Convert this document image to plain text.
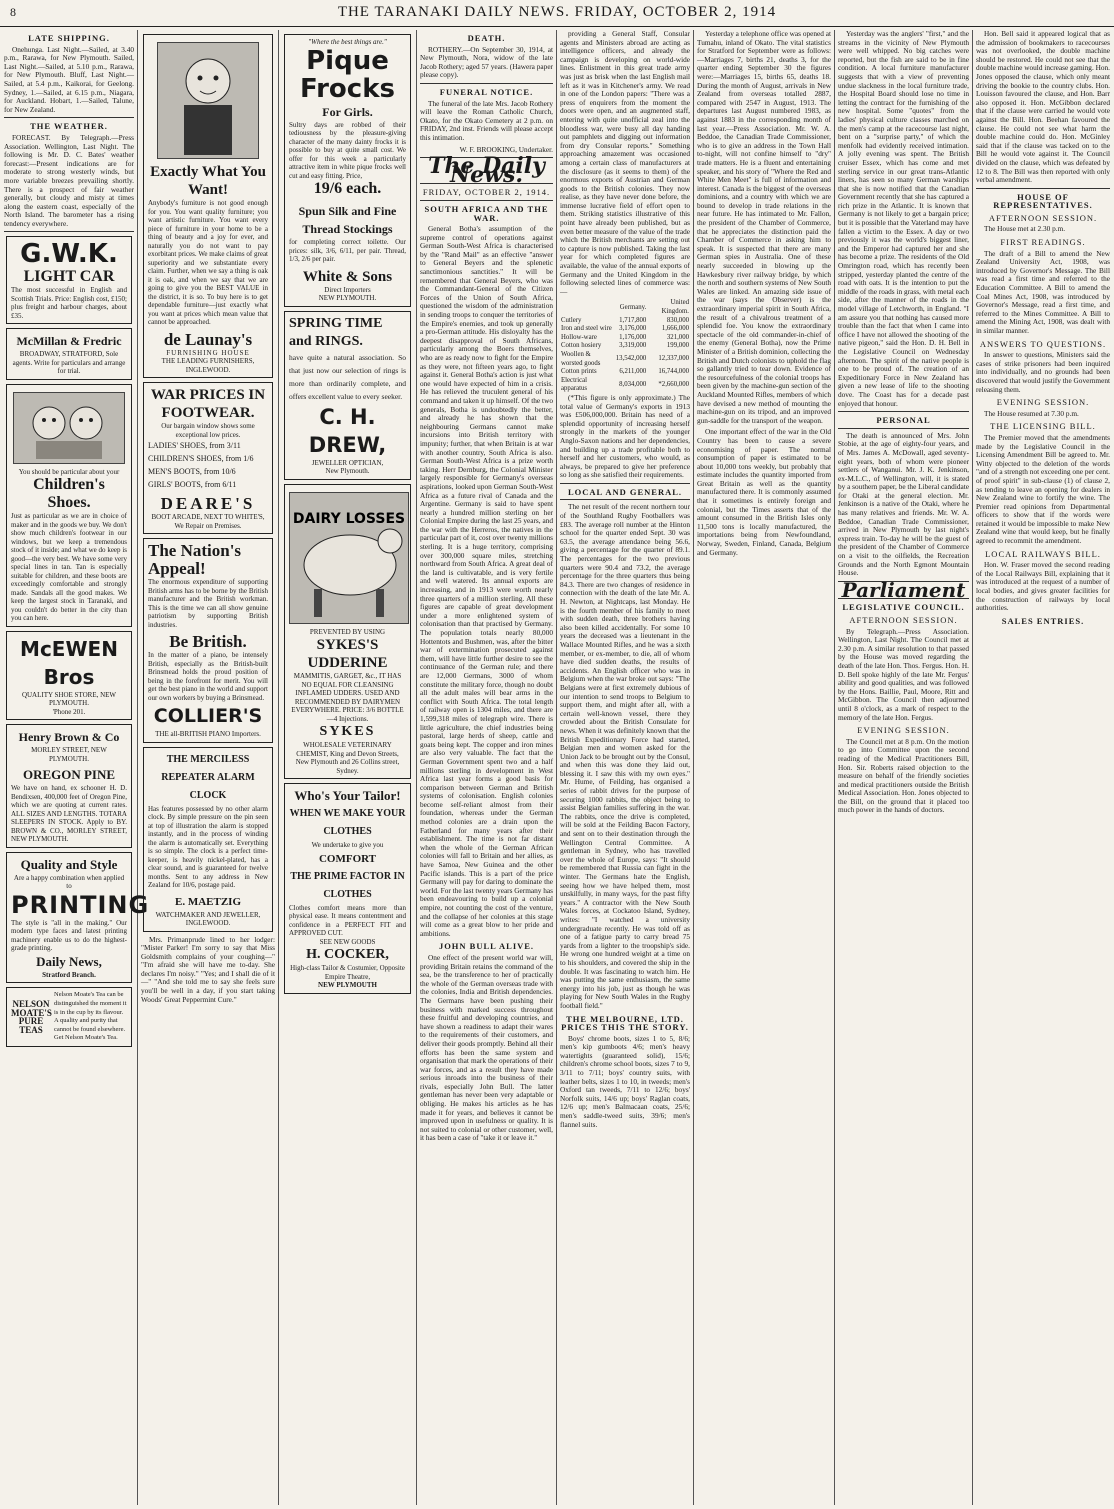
8	THE TARANAKI DAILY NEWS. FRIDAY, OCTOBER 2, 1914
LATE SHIPPING.

Onehunga. Last Night.—Sailed, at 3.40 p.m., Rarawa, for New Plymouth. Sailed, Last Night.—Sailed, at 5.10 p.m., Rarawa, for New Plymouth. Bluff, Last Night.—Sailed, at 5.4 p.m., Kaikorai, for Geelong. Sydney, 1.—Sailed, at 6.15 p.m., Niagara, for Auckland. Hobart, 1.—Sailed, Talune, for New Zealand.

THE WEATHER.

FORECAST. By Telegraph.—Press Association. Wellington, Last Night. The following is Mr. D. C. Bates' weather forecast:—Present indications are for moderate to strong westerly winds, but more variable breezes prevailing shortly. There is a prospect of fair weather generally, but cloudy and misty at times along the eastern coast, especially of the North Island. The barometer has a rising tendency everywhere.

G.W.K.
LIGHT CAR
The most successful in English and Scottish Trials. Price: English cost, £150; plus freight and harbour charges, about £35.
McMillan & Fredric
BROADWAY, STRATFORD, Sole agents. Write for particulars and arrange for trial.
You should be particular about your
Children's Shoes.
Just as particular as we are in choice of maker and in the goods we buy. We don't show much children's footwear in our windows, but we keep a tremendous stock of it inside; and what we do keep is good—the very best. We have some very special lines in tan. Tan is especially suitable for children, and these boots are exceedingly comfortable and strongly made. Sandals all the good makes. We keep the largest stock in Taranaki, and you couldn't do better in the city than you can here.
McEWEN Bros
QUALITY SHOE STORE, NEW PLYMOUTH.
'Phone 201.
Henry Brown & Co
MORLEY STREET, NEW PLYMOUTH.
OREGON PINE
We have on hand, ex schooner H. D. Bendixsen, 400,000 feet of Oregon Pine, which we are quoting at current rates. ALL SIZES AND LENGTHS. TOTARA SLEEPERS IN STOCK. Apply to BY. BROWN & CO., MORLEY STREET, NEW PLYMOUTH.
Quality and Style
Are a happy combination when applied to
PRINTING
The style is "all in the making." Our modern type faces and latest printing machinery enable us to do the highest-grade printing.
Daily News,
Stratford Branch.
NELSON MOATE'S PURE TEAS
Nelson Moate's Tea can be distinguished the moment it is in the cup by its flavour. A quality and purity that cannot be found elsewhere. Get Nelson Moate's Tea.
Exactly What You Want!
Anybody's furniture is not good enough for you. You want quality furniture; you want artistic furniture. You want every piece of furniture in your home to be a thing of beauty and a joy for ever, and naturally you do not want to pay exorbitant prices. We make claims of great superiority and we substantiate every claim. Further, when we say a thing is oak it is oak, and when we say that we are going to give you the BEST VALUE in the district, it is so. To buy here is to get dependable furniture—just exactly what you want at prices which mean value that cannot be approached.
de Launay's
FURNISHING HOUSE
THE LEADING FURNISHERS, INGLEWOOD.
WAR PRICES IN FOOTWEAR.
Our bargain window shows some exceptional low prices.
LADIES' SHOES, from 3/11
CHILDREN'S SHOES, from 1/6
MEN'S BOOTS, from 10/6
GIRLS' BOOTS, from 6/11
DEARE'S
BOOT ARCADE, NEXT TO WHITE'S,
We Repair on Premises.
The Nation's Appeal!
The enormous expenditure of supporting British arms has to be borne by the British manufacturer and the British workman. This is the time we can all show genuine patriotism by supporting British industries.
Be British.
In the matter of a piano, be intensely British, especially as the British-built Brinsmead holds the proud position of being in the forefront for merit. You will get the best piano in the world and support our own workers by buying a Brinsmead.
COLLIER'S
THE all-BRITISH PIANO Importers.
THE MERCILESS REPEATER ALARM CLOCK
Has features possessed by no other alarm clock. By simple pressure on the pin seen at top of illustration the alarm is stopped instantly, and in the process of winding the alarm is automatically set. Everything is so simple. The clock is a perfect time-keeper, is heavily nickel-plated, has a clear sound, and is guaranteed for twelve months. Sent to any address in New Zealand for 10/6, postage paid.
E. MAETZIG
WATCHMAKER AND JEWELLER, INGLEWOOD.

Mrs. Primanprude lined to her lodger: "Mister Parker! I'm sorry to say that Miss Goldsmith complains of your coughing—" "I'm afraid she will have me to-day. She declares I'm noisy." "Yes; and I shall die of it—" "And she told me to say she feels sure you'll be well in a day, if you start taking Woods' Great Peppermint Cure."

"Where the best things are."
Pique Frocks
For Girls.
Sultry days are robbed of their tediousness by the pleasure-giving character of the many dainty frocks it is possible to buy at quite small cost. We offer for this week a particularly attractive item in white pique frocks well cut and easy fitting. Price,
19/6 each.
Spun Silk and Fine Thread Stockings
for completing correct toilette. Our prices: silk, 3/6, 6/11, per pair. Thread, 1/3, 2/6 per pair.
White & Sons
Direct Importers
NEW PLYMOUTH.
SPRING TIME and RINGS.
have quite a natural association. So that just now our selection of rings is more than ordinarily complete, and offers excellent value to every seeker.
C. H. DREW,
JEWELLER OPTICIAN,
New Plymouth.
DAIRY LOSSES
PREVENTED BY USING
SYKES'S
UDDERINE
MAMMITIS, GARGET, &c., IT HAS NO EQUAL FOR CLEANSING INFLAMED UDDERS. USED AND RECOMMENDED BY DAIRYMEN EVERYWHERE. PRICE: 3/6 BOTTLE—4 Injections.
SYKES
WHOLESALE VETERINARY CHEMIST, King and Devon Streets, New Plymouth and 26 Collins street, Sydney.
Who's Your Tailor!
WHEN WE MAKE YOUR CLOTHES
We undertake to give you
COMFORT
THE PRIME FACTOR IN CLOTHES
Clothes comfort means more than physical ease. It means contentment and confidence in a PERFECT FIT and APPROVED CUT.
SEE NEW GOODS
H. COCKER,
High-class Tailor & Costumier, Opposite Empire Theatre,
NEW PLYMOUTH
DEATH.

ROTHERY.—On September 30, 1914, at New Plymouth, Nora, widow of the late Jacob Rothery; aged 57 years. (Hawera paper please copy).

FUNERAL NOTICE.

The funeral of the late Mrs. Jacob Rothery will leave the Roman Catholic Church, Okato, for the Okato Cemetery at 2 p.m. on FRIDAY, 2nd inst. Friends will please accept this intimation.

W. F. BROOKING, Undertaker.

The Daily News.
FRIDAY, OCTOBER 2, 1914.
SOUTH AFRICA AND THE WAR.

General Botha's assumption of the supreme control of operations against German South-West Africa is characterised by the "Rand Mail" as an effective "answer to General Beyers and the splenetic sanctimonious sanctities." It will be remembered that General Beyers, who was the Commandant-General of the Citizen Forces of the Union of South Africa, questioned the wisdom of the administration in sending troops to conquer the territories of the Empire's enemies, and took up generally a pro-German attitude. His disloyalty has the deepest disapproval of South Africans, particularly among the Boers themselves, who are as ready now to fight for the Empire as they were, not fifteen years ago, to fight against it. General Botha's action is just what one would have expected of him in a crisis. He has relieved the truculent general of his command and taken it up himself. Of the two generals, Botha is undoubtedly the better, and already he has shown that the neighbouring Germans cannot make incursions into British territory with impunity; further, that when Britain is at war with another country, South Africa is also. German South-West Africa is a prize worth taking. Herr Dernburg, the Colonial Minister largely responsible for Germany's overseas aspirations, looked upon German South-West Africa as a future rival of Canada and the Argentine. Germany is said to have spent nearly a hundred million sterling on her Colonial Empire during the last 25 years, and the war with the Herreros, the natives in the particular part of it, cost over twenty millions sterling. It is a huge territory, comprising over 300,000 square miles, stretching northward from South Africa. A great deal of the land is cultivatable, and is very fertile and well watered. Its annual exports are increasing, and in 1913 were worth nearly three quarters of a million sterling. All these figures are capable of great development under a more enlightened system of colonisation than that practised by Germany. The population totals nearly 80,000 Hottentots and Bushmen, was, after the bitter war of extermination prosecuted against them, will have little further desire to see the continuance of the German rule; and there are 12,000 Germans, 3000 of whom constitute the military force, though no doubt all the adult males will bear arms in the conflict with South Africa. The total length of railway open is 1304 miles, and there are 1,599,318 miles of telegraph wire. There is little agriculture, the chief industries being pastoral, large herds of sheep, cattle and goats being kept. The copper and iron mines are also very valuable. The fact that the German Government spent two and a half millions sterling in development in West Africa last year forms a good basis for comparison between German and British systems of colonisation. English colonies become self-reliant almost from their foundation, whereas under the German method colonies are a drain upon the Fatherland for many years after their establishment. The time is not far distant when the whole of the German African colonies will fall to Britain and her allies, as have Samoa, New Guinea and the other Pacific islands. This is a part of the price Germany will pay for daring to dominate the world. For the last twenty years Germany has been endeavouring to build up a colonial empire, not counting the cost of the venture, and the collapse of her colonies at this stage will come as a great blow to her pride and ambitions.

JOHN BULL ALIVE.

One effect of the present world war will, providing Britain retains the command of the sea, be the transference to her of practically the whole of the German overseas trade with the colonies, India and British dependencies. The Germans have been pushing their business with marked success throughout these fruitful and developing countries, and have shown a readiness to adapt their wares to the requirements of their customers, and deliver their goods promptly. Behind all their efforts has been the same system and organisation that mark the operations of their war forces, and as a result they have made serious inroads into the business of their rivals, especially John Bull. The latter gentleman has never been very adaptable or obliging. He makes his articles as he has made it for years, and believes it cannot be improved upon in usefulness or quality. It is not suited to colonial or other customer, well, it has been a case of "take it or leave it."

providing a General Staff, Consular agents and Ministers abroad are acting as intelligence officers, and already the campaign is developing on world-wide lines. Enlistment in this great trade army was just as brisk when the last English mail left as it was in Kitchener's army. We read in one of the London papers: "There was a press of enquirers from the moment the doors were open, and an augmented staff, entering with quite unofficial zeal into the bloodless war, were busy all day handing out pamphlets and digging out information from dry Consular reports." Something approaching amazement was occasioned among a certain class of manufacturers at the disclosure (as it seems to them) of the enormous exports of Austrian and German goods to the British colonies. They now realise, as they have never done before, the immense lucrative field of effort open to them. Striking statistics illustrative of this point have already been published, but as even better measure of the value of the trade which the British merchants are setting out to capture is now published. Taking the last year for which completed figures are available, the value of the annual exports of Germany and the United Kingdom in the following selected lines of commerce was:—

	Germany.	United Kingdom.
Cutlery	1,717,800	830,000
Iron and steel wire	3,176,000	1,666,000
Hollow-ware	1,176,000	321,000
Cotton hosiery	3,319,000	199,000
Woollen & worsted goods	13,542,000	12,337,000
Cotton prints	6,211,000	16,744,000
Electrical apparatus	8,034,000	*2,660,000

(*This figure is only approximate.) The total value of Germany's exports in 1913 was £506,000,000. Britain has need of a splendid opportunity of increasing herself strongly in the markets of the younger Anglo-Saxon nations and her dependencies, and building up a trade profitable both to herself and her customers, who would, as always, be prepared to give her preference so long as she satisfied their requirements.

LOCAL AND GENERAL.

The net result of the recent northern tour of the Southland Rugby Footballers was £83. The average roll number at the Hinton school for the quarter ended Sept. 30 was 63.5, the average attendance being 56.6, giving a percentage for the quarter of 89.1. The percentages for the two previous quarters were 90.4 and 73.2, the average percentage for the three quarters thus being 84.3. There are two changes of residence in connection with the death of the late Mr. A. H. Newton, at Nightcaps, last Monday. He is the fourth member of his family to meet with sudden death, three brothers having also been killed accidentally. For some 10 years the deceased was a lieutenant in the Wallace Mounted Rifles, and he was a sixth member, or ex-member, to die, all of whom have died sudden deaths, the results of accidents. An English officer who was in Belgium when the war broke out says: "The Belgians were at first extremely dubious of our intention to send troops to Belgium to support them, and might after all, with a certain well-known vessel, there they crowded about the British Consulate for news. When it was definitely known that the British Expeditionary Force had started, Belgian men and women asked for the Union Jack to be brought out by the Consul, and when this was done they laid out, blessing it. I saw this with my own eyes." Mr. Hume, of Feilding, has organised a series of rabbit drives for the purpose of securing 1000 rabbits, the object being to assist Belgian families suffering in the war. The rabbits, once the drive is completed, will be sold at the Feilding Bacon Factory, and sent on to their destination through the Wellington Central Committee. A gentleman in Sydney, who has travelled over the whole of Europe, says: "It should be remembered that Russia can fight in the winter. The Germans hate the English, seeing how we have helped them, most unskilfully, in many ways, for the past fifty years." A contractor with the New South Wales forces, at Cockatoo Island, Sydney, writes: "I watched a university undergraduate recently. He was told off as one of a fatigue party to carry bread 75 yards from a lighter to the troopship's side. He wrong one hundred weight at a time on to his shoulders, and covered the ship in the double. It was fascinating to watch him. He was putting the same enthusiasm, the same energy into his job, just as though he was playing for New South Wales in the Rugby football field."

THE MELBOURNE, LTD. PRICES THIS THE STORY.

Boys' chrome boots, sizes 1 to 5, 8/6; men's kip gumboots 4/6; men's heavy watertights (guaranteed solid), 15/6; children's chrome school boots, sizes 7 to 9, 3/11 to 7/11; boys' country suits, with leather belts, sizes 1 to 10, in tweeds; men's Oxford tan tweeds, 7/11 to 12/6; boys' Norfolk suits, 14/6 up; boys' Raglan coats, 12/6 up; men's Balmacaan coats, 25/6; men's saddle-tweed suits, 39/6; men's flannel suits.

Yesterday a telephone office was opened at Tumahu, inland of Okato. The vital statistics for Stratford for September were as follows:—Marriages 7, births 21, deaths 3, for the quarter ending September 30 the figures were:—Marriages 15, births 65, deaths 18. During the month of August, arrivals in New Zealand from overseas totalled 2887, compared with 2547 in August, 1913. The departures last August numbered 1983, as against 1883 in the corresponding month of last year.—Press Association. Mr. W. A. Beddoe, the Canadian Trade Commissioner, who is to give an address in the Town Hall to-night, will not confine himself to "dry" trade matters. He is a fluent and entertaining speaker, and his story of "Where the Red and White Men Meet" is full of information and interest. Canada is the biggest of the overseas dominions, and a country with which we are bound to develop in trade relations in the near future. He has intimated to Mr. Fallon, the president of the Chamber of Commerce, that he appreciates the distinction paid the Chamber of Commerce in asking him to speak. It is suspected that there are many German spies in Australia. One of these nearly succeeded in blowing up the Hawkesbury river railway bridge, by which the north and southern systems of New South Wales are linked. An amazing side issue of the war (says the Observer) is the extraordinary imperial spirit in South Africa, the result of a chivalrous treatment of a splendid foe. You know the extraordinary spectacle of the old commander-in-chief of the enemy (General Botha), now the Prime Minister of a British dominion, collecting the British and Dutch colonists to uphold the flag so gallantly tried to tear down. Evidence of the resourcefulness of the colonial troops has been given by the machine-gun section of the Auckland Mounted Rifles, members of which have devised a new method of mounting the machine-gun on its tripod, and an improved gun-saddle for the transport of the weapon.

One important effect of the war in the Old Country has been to cause a severe economising of paper. The normal consumption of paper is estimated to be about 10,000 tons weekly, but probably that estimate includes the quantity imported from Great Britain as well as the quantity manufactured there. It is commonly assumed that it sometimes is entirely foreign and colonial, but the Times asserts that of the amount consumed in the British Isles only 11,500 tons is locally manufactured, the importations being from Newfoundland, Norway, Sweden, Finland, Canada, Belgium and Germany.

Yesterday was the anglers' "first," and the streams in the vicinity of New Plymouth were well whipped. No big catches were reported, but the fish are said to be in fine condition. A local furniture manufacturer suggests that with a view of preventing undue slackness in the local furniture trade, the Hospital Board should lose no time in letting the contract for the furnishing of the new hospital. Some "quotes" from the ladies' physical culture classes marched on the men's camp at the racecourse last night, bent on a "surprise party," of which the menfolk had evidently received intimation. A jolly evening was spent. The British cruiser Essex, which has come and met sterling service in our great trans-Atlantic liners, has seen so many German warships that she is now notified that the Canadian Government recently that she has captured a rich prize in the Atlantic. It is known that Germany is not likely to get a bargain price; but it is possible that the Vaterland may have fallen a victim to the Essex. A day or two previously it was the world's biggest liner, and the Emperor had captured her and she has become a prize. The residents of the Old Omrington road, which has recently been stripped, yesterday planted the centre of the road with oats. It is the intention to put the middle of the roads in grass, with metal each side, after the manner of the roads in the model village of Letchworth, in England. "I am assure you that nothing has caused more trouble than the fact that when I came into office I have not allowed the shooting of the native pigeon," said the Hon. D. H. Bell in the Legislative Council on Wednesday afternoon. The spirit of the native people is one to be proud of. The creation of an Expeditionary Force in New Zealand has given a new lease of life to the shooting dove. The Coast has for a decade past enjoyed that honour.

PERSONAL

The death is announced of Mrs. John Stobie, at the age of eighty-four years, and of Mrs. James A. McDowall, aged seventy-eight years, both of whom were pioneer settlers of Wanganui. Mr. J. K. Jenkinson, ex-M.L.C., of Wellington, will, it is stated by a southern paper, be the Liberal candidate for Otaki at the general election. Mr. Jenkinson is a native of the Otaki, where he has many relatives and friends. Mr. W. A. Beddoe, Canadian Trade Commissioner, arrived in New Plymouth by last night's express train. To-day he will be the guest of the president of the Chamber of Commerce on a visit to the oilfields, the Recreation Grounds and the North Egmont Mountain House.

Parliament
LEGISLATIVE COUNCIL.
AFTERNOON SESSION.

By Telegraph.—Press Association. Wellington, Last Night. The Council met at 2.30 p.m. A similar resolution to that passed by the House was moved regarding the death of the late Hon. Thos. Fergus. Hon. H. D. Bell spoke highly of the late Mr. Fergus' ability and good qualities, and was followed by the Hons. Baillie, Paul, Moore, Ritt and McGibbon. The Council then adjourned until 8 o'clock, as a mark of respect to the memory of the late Hon. Fergus.

EVENING SESSION.

The Council met at 8 p.m. On the motion to go into Committee upon the second reading of the Medical Practitioners Bill, Hon. Sir. Roberts raised objection to the measure on behalf of the friendly societies and medical practitioners outside the British Medical Association. Hon. Jones objected to the Bill, on the ground that it placed too much power in the hands of doctors.

Hon. Bell said it appeared logical that as the admission of bookmakers to racecourses was not overlooked, the double machine should be restored. He could not see that the double machine would increase gaming. Hon. Jones opposed the clause, which only meant driving the bookie to the country clubs. Hon. Louisson favoured the clause, and Hon. Barr also opposed it. Hon. McGibbon declared that if the clause were carried he would vote against the Bill. Hon. Beehan favoured the clause. He could not see what harm the double machine could do. Hon. McGinley said that if the clause was tacked on to the Bill he would vote against it. The Council divided on the clause, which was defeated by 12 to 8. The Bill was then reported with only verbal amendment.

HOUSE OF REPRESENTATIVES.
AFTERNOON SESSION.

The House met at 2.30 p.m.

FIRST READINGS.

The draft of a Bill to amend the New Zealand University Act, 1908, was introduced by Governor's Message. The Bill was read a first time and referred to the Education Committee. A Bill to amend the Coal Mines Act, 1908, was introduced by Governor's Message, read a first time, and referred to the Mines Committee. A Bill to amend the Mining Act, 1908, was dealt with in similar manner.

ANSWERS TO QUESTIONS.

In answer to questions, Ministers said the cases of strike prisoners had been inquired into individually, and no grounds had been discovered that would justify the Government releasing them.

EVENING SESSION.

The House resumed at 7.30 p.m.

THE LICENSING BILL.

The Premier moved that the amendments made by the Legislative Council in the Licensing Amendment Bill be agreed to. Mr. Witty objected to the deletion of the words "and of a strength not exceeding one per cent. of proof spirit" in sub-clause (1) of clause 2, as tending to leave an opening for dealers in New Zealand wine to fortify the wine. The Premier read opinions from Departmental officers to show that if the words were retained it would be impossible to make New Zealand wine that would keep, but he finally agreed to recommit the amendment.

LOCAL RAILWAYS BILL.

Hon. W. Fraser moved the second reading of the Local Railways Bill, explaining that it was introduced at the request of a number of local bodies, and gives greater facilities for the construction of railways by local authorities.

SALES ENTRIES.
